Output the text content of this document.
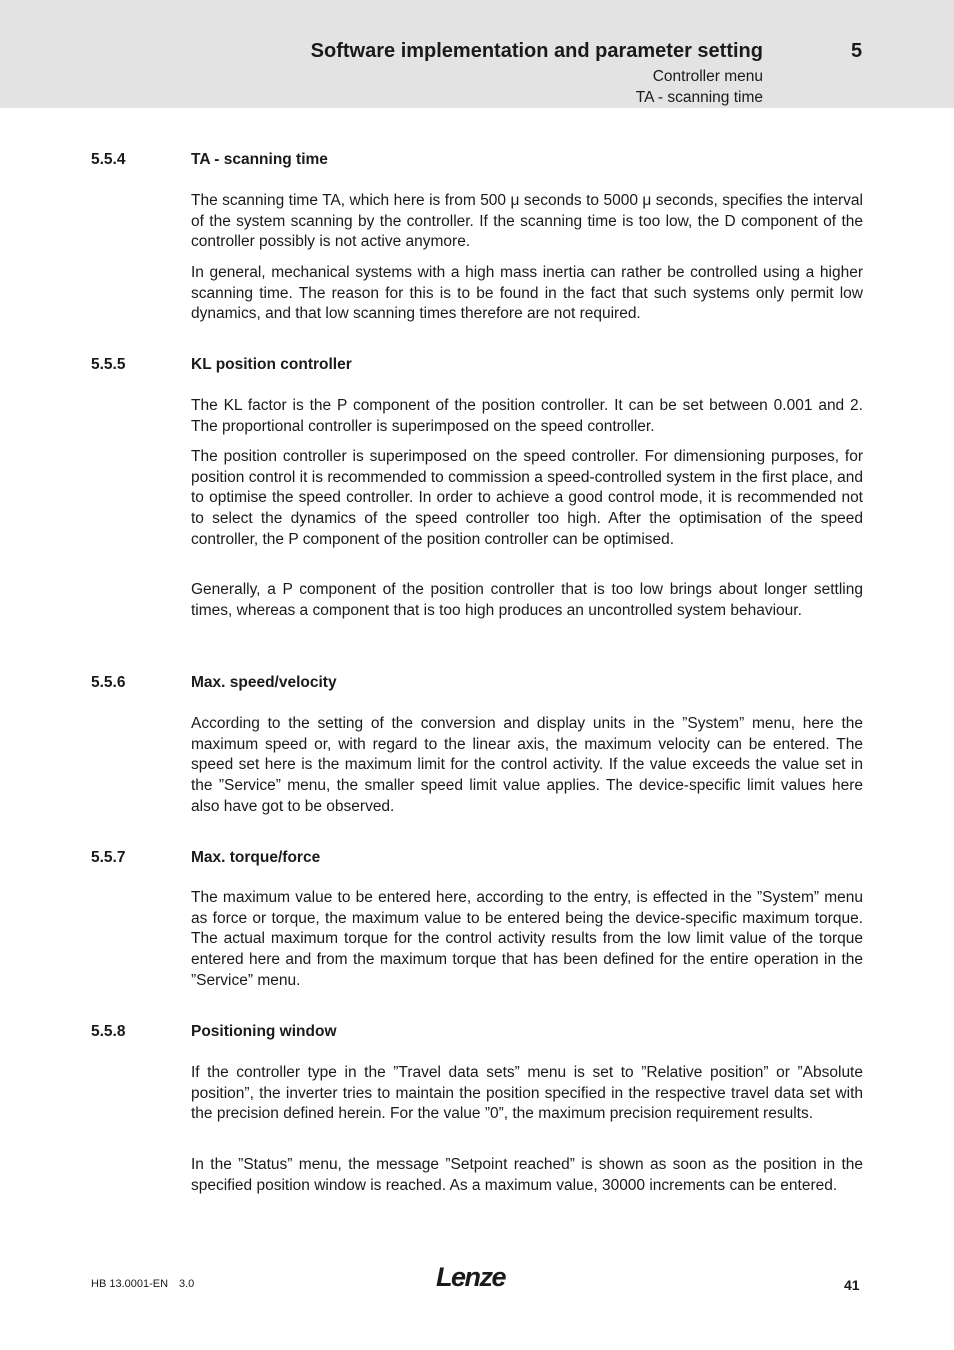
Software implementation and parameter setting	5
Controller menu
TA - scanning time
5.5.4	TA - scanning time

The scanning time TA, which here is from 500 μ seconds to 5000 μ seconds, specifies the interval of the system scanning by the controller. If the scanning time is too low, the D component of the controller possibly is not active anymore.

In general, mechanical systems with a high mass inertia can rather be controlled using a higher scanning time. The reason for this is to be found in the fact that such systems only permit low dynamics, and that low scanning times therefore are not required.

5.5.5	KL position controller

The KL factor is the P component of the position controller. It can be set between 0.001 and 2. The proportional controller is superimposed on the speed controller.

The position controller is superimposed on the speed controller. For dimensioning purposes, for position control it is recommended to commission a speed-controlled system in the first place, and to optimise the speed controller. In order to achieve a good control mode, it is recommended not to select the dynamics of the speed controller too high. After the optimisation of the speed controller, the P component of the position controller can be optimised.

Generally, a P component of the position controller that is too low brings about longer settling times, whereas a component that is too high produces an uncontrolled system behaviour.

5.5.6	Max. speed/velocity

According to the setting of the conversion and display units in the ”System” menu, here the maximum speed or, with regard to the linear axis, the maximum velocity can be entered. The speed set here is the maximum limit for the control activity. If the value exceeds the value set in the ”Service” menu, the smaller speed limit value applies. The device-specific limit values here also have got to be observed.

5.5.7	Max. torque/force

The maximum value to be entered here, according to the entry, is effected in the ”System” menu as force or torque, the maximum value to be entered being the device-specific maximum torque. The actual maximum torque for the control activity results from the low limit value of the torque entered here and from the maximum torque that has been defined for the entire operation in the ”Service” menu.

5.5.8	Positioning window

If the controller type in the ”Travel data sets” menu is set to ”Relative position” or ”Absolute position”, the inverter tries to maintain the position specified in the respective travel data set with the precision defined herein. For the value ”0”, the maximum precision requirement results.

In the ”Status” menu, the message ”Setpoint reached” is shown as soon as the position in the specified position window is reached. As a maximum value, 30000 increments can be entered.

HB 13.0001-EN 3.0	Lenze	41
